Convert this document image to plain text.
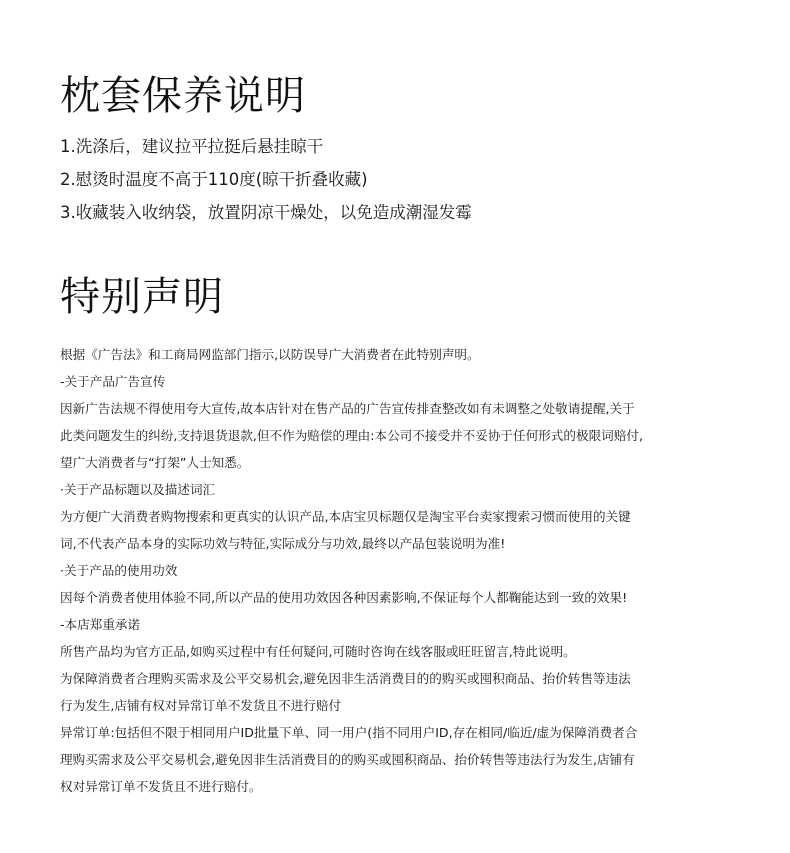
枕套保养说明
1.洗涤后，建议拉平拉挺后悬挂晾干
2.慰烫时温度不高于110度(晾干折叠收藏)
3.收藏装入收纳袋，放置阴凉干燥处，以免造成潮湿发霉
特别声明

根据《广告法》和工商局网监部门指示,以防误导广大消费者在此特别声明。

-关于产品广告宣传

因新广告法规不得使用夸大宣传,故本店针对在售产品的广告宣传排查整改如有未调整之处敬请提醒,关于

此类问题发生的纠纷,支持退货退款,但不作为赔偿的理由:本公司不接受并不妥协于任何形式的极限词赔付,

望广大消费者与“打架”人士知悉。

·关于产品标题以及描述词汇

为方便广大消费者购物搜索和更真实的认识产品,本店宝贝标题仅是淘宝平台卖家搜索习惯而使用的关键

词,不代表产品本身的实际功效与特征,实际成分与功效,最终以产品包装说明为准!

·关于产品的使用功效

因每个消费者使用体验不同,所以产品的使用功效因各种因素影响,不保证每个人都鞠能达到一致的效果!

-本店郑重承诺

所售产品均为官方正品,如购买过程中有任何疑问,可随时咨询在线客服或旺旺留言,特此说明。

为保障消费者合理购买需求及公平交易机会,避免因非生活消费目的的购买或囤积商品、抬价转售等违法

行为发生,店铺有权对异常订单不发货且不进行赔付

异常订单:包括但不限于相同用户ID批量下单、同一用户(指不同用户ID,存在相同/临近/虚为保障消费者合

理购买需求及公平交易机会,避免因非生活消费目的的购买或囤积商品、抬价转售等违法行为发生,店铺有

权对异常订单不发货且不进行赔付。
